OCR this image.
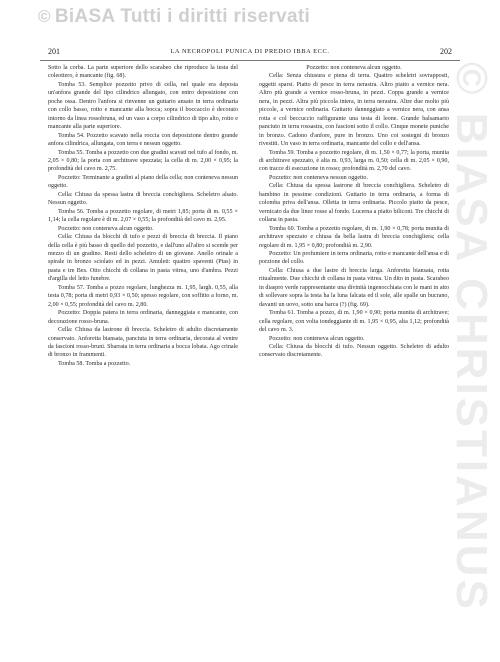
© BiASA Tutti i diritti riservati
© BIASA CHRISTIANUS
201	LA NECROPOLI PUNICA DI PREDIO IBBA ECC.	202

Sotto la corba. La parte superiore dello scarabeo che riproduce la testa del coleottero, è mancante (fig. 68).

Tomba 53. Semplice pozzetto privo di cella, nel quale era deposta un'anfora grande del tipo cilindrico allungato, con entro deposizione con poche ossa. Dentro l'anfora si rinvenne un guttario ansato in terra ordinaria con collo basso, rotto e mancante alla bocca; sopra il boccaccio è decorato intorno da linea rossobruna, ed un vaso a corpo cilindrico di tipo alto, rotto e mancante alla parte superiore.

Tomba 54. Pozzetto scavato nella roccia con deposizione dentro grande anfora cilindrica, allungata, con terra e nessun oggetto.

Tomba 55. Tomba a pozzetto con due gradini scavati nel tufo al fondo, m. 2,05 × 0,80; la porta con architrave spezzata; la cella di m. 2,00 × 0,95; la profondità del cavo m. 2,75.

Pozzetto: Terminante a gradini al piano della cella; non conteneva nessun oggetto.

Cella: Chiusa da spessa lastra di breccia conchigliera. Scheletro alsato. Nessun oggetto.

Tomba 56. Tomba a pozzetto regolare, di metri 1,85; porta di m. 0,55 × 1,14; la cella regolare è di m. 2,07 × 0,55; la profondità del cavo m. 2,95.

Pozzetto: non conteneva alcun oggetto.

Cella: Chiusa da blocchi di tufo e pezzi di breccia di breccia. Il piano della cella è più basso di quello del pozzetto, e dall'uno all'altro si scende per mezzo di un gradino. Resti dello scheletro di un giovane. Anello orinale a spirale in bronzo sciolato ed in pezzi. Amuleti: quattro spaventi (Ptas) in pasta e tre Bes. Otto chicchi di collana in pasta vitrea, uno d'ambra. Pezzi d'argilla del letto funebre.

Tomba 57. Tomba a pozzo regolare, lunghezza m. 1,95, largh. 0,55, alla testa 0,78; porta di metri 0,93 × 0,50; spesso regolare, con soffitto a forno, m. 2,00 × 0,55; profondità del cavo m. 2,80.

Pozzetto: Doppia patera in terra ordinaria, danneggiata e mancante, con decorazione rosso-bruna.

Cella: Chiusa da lastrone di breccia. Scheletro di adulto discretamente conservato. Anforetta biansata, panciuta in terra ordinaria, decorata al ventre da fascioni rosso-bruni. Sbarrata in terra ordinaria a bocca lobata. Ago crinale di bronzo in frammenti.

Tomba 58. Tomba a pozzetto.

Pozzetto: non conteneva alcun oggetto.

Cella: Senza chiusura e piena di terra. Quattro scheletri sovrapposti, oggetti sparsi. Piatto di pesce in terra nerastra. Altro piatto a vernice nera. Altro più grande a vernice rosso-bruna, in pezzi. Coppa grande a vernice nera, in pezzi. Altra più piccola intera, in terra nerastra. Altre due molto più piccole, a vernice ordinaria. Guttario danneggiato a vernice nera, con ansa rotta e col beccuccio raffigurante una testa di leone. Grande balsamario panciuto in terra rossastra, con fascioni sotto il collo. Cinque monete puniche in bronzo. Cadono d'anfore, pure in bronzo. Uno coi sostegni di bronzo rivestiti. Un vaso in terra ordinaria, mancante del collo e dell'ansa.

Tomba 59. Tomba a pozzetto regolare, di m. 1,50 × 0,77; la porta, munita di architrave spezzato, è alta m. 0,93, larga m. 0,50; cella di m. 2,05 × 0,90, con tracce di esecuzione in rosso; profondità m. 2,70 del cavo.

Pozzetto: non conteneva nessun oggetto.

Cella: Chiusa da spessa lastrone di breccia conchigliera. Scheletro di bambino in pessime condizioni. Guttario in terra ordinaria, a forma di colomba priva dell'ansa. Olletta in terra ordinaria. Piccolo piatto da pesce, vernicato da due linee rosse al fondo. Lucerna a piatto biliconi. Tre chicchi di collana in pasta.

Tomba 60. Tomba a pozzetto regolare, di m. 1,90 × 0,78; porta munita di architrave spezzato e chiusa da bella lastra di breccia conchigliera; cella regolare di m. 1,95 × 0,80; profondità m. 2,90.

Pozzetto: Un profumiere in terra ordinaria, rotto e mancante dell'ansa e di porzione del collo.

Cella: Chiusa a due lastre di breccia larga. Anforetta biansata, rotta ritualmente. Due chicchi di collana in pasta vitrea. Un dito in pasta. Scarabeo in diaspro verde rappresentante una divinità ingenocchiata con le mani in atto di sollevare sopra la testa ha la luna falcata ed il sole, alle spalle un bucrano, davanti un uovo, sotto una barca (?) (fig. 69).

Tomba 61. Tomba a pozzo, di m. 1,90 × 0,90; porta munita di architrave; cella regolare, con volta tondeggiante di m. 1,95 × 0,95, alta 1,12; profondità del cavo m. 3.

Pozzetto: non conteneva alcun oggetto.

Cella: Chiusa da blocchi di tufo. Nessun oggetto. Scheletro di adulto conservato discretamente.
